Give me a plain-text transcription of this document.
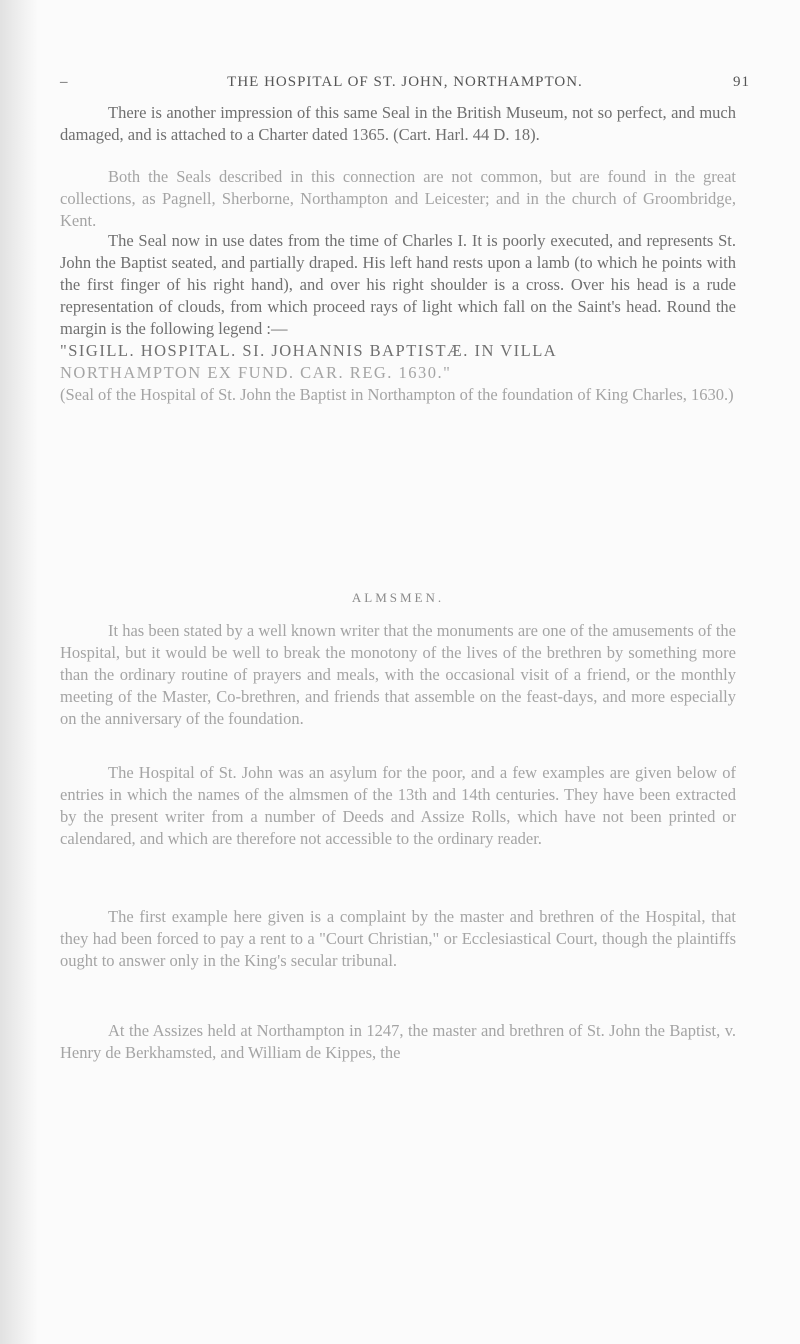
–	THE HOSPITAL OF ST. JOHN, NORTHAMPTON.	91

There is another impression of this same Seal in the British Museum, not so perfect, and much damaged, and is attached to a Charter dated 1365. (Cart. Harl. 44 D. 18).

Both the Seals described in this connection are not common, but are found in the great collections, as Pagnell, Sherborne, Northampton and Leicester; and in the church of Groombridge, Kent.

The Seal now in use dates from the time of Charles I. It is poorly executed, and represents St. John the Baptist seated, and partially draped. His left hand rests upon a lamb (to which he points with the first finger of his right hand), and over his right shoulder is a cross. Over his head is a rude representation of clouds, from which proceed rays of light which fall on the Saint's head. Round the margin is the following legend :—

"SIGILL. HOSPITAL. SI. JOHANNIS BAPTISTÆ. IN VILLA
NORTHAMPTON EX FUND. CAR. REG. 1630."

(Seal of the Hospital of St. John the Baptist in Northampton of the foundation of King Charles, 1630.)

ALMSMEN.

It has been stated by a well known writer that the monuments are one of the amusements of the Hospital, but it would be well to break the monotony of the lives of the brethren by something more than the ordinary routine of prayers and meals, with the occasional visit of a friend, or the monthly meeting of the Master, Co-brethren, and friends that assemble on the feast-days, and more especially on the anniversary of the foundation.

The Hospital of St. John was an asylum for the poor, and a few examples are given below of entries in which the names of the almsmen of the 13th and 14th centuries. They have been extracted by the present writer from a number of Deeds and Assize Rolls, which have not been printed or calendared, and which are therefore not accessible to the ordinary reader.

The first example here given is a complaint by the master and brethren of the Hospital, that they had been forced to pay a rent to a "Court Christian," or Ecclesiastical Court, though the plaintiffs ought to answer only in the King's secular tribunal.

At the Assizes held at Northampton in 1247, the master and brethren of St. John the Baptist, v. Henry de Berkhamsted, and William de Kippes, the
